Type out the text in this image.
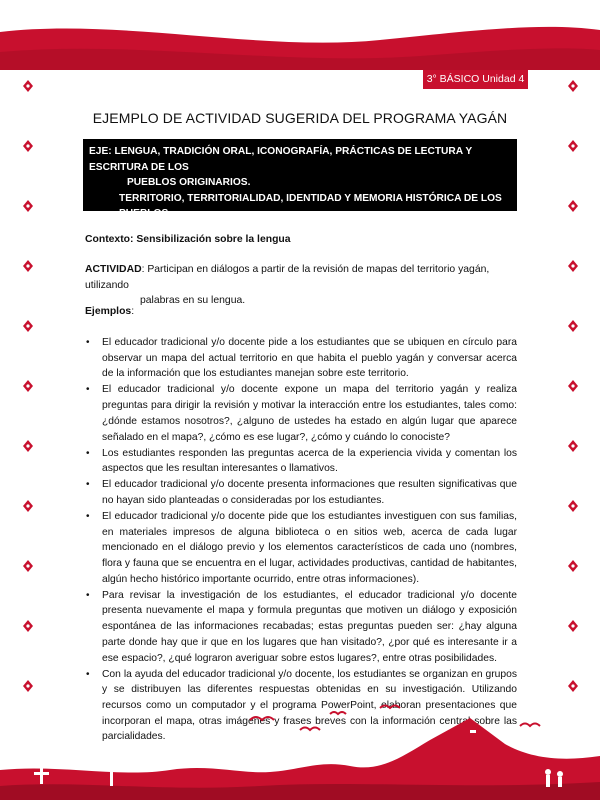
3° BÁSICO Unidad 4
EJEMPLO DE ACTIVIDAD SUGERIDA DEL PROGRAMA YAGÁN
EJE: LENGUA, TRADICIÓN ORAL, ICONOGRAFÍA, PRÁCTICAS DE LECTURA Y ESCRITURA DE LOS
PUEBLOS ORIGINARIOS.
TERRITORIO, TERRITORIALIDAD, IDENTIDAD Y MEMORIA HISTÓRICA DE LOS PUEBLOS
ORIGINARIOS.
Contexto: Sensibilización sobre la lengua
ACTIVIDAD: Participan en diálogos a partir de la revisión de mapas del territorio yagán, utilizando
palabras en su lengua.
Ejemplos:
• El educador tradicional y/o docente pide a los estudiantes que se ubiquen en círculo para observar un mapa del actual territorio en que habita el pueblo yagán y conversar acerca de la información que los estudiantes manejan sobre este territorio.
• El educador tradicional y/o docente expone un mapa del territorio yagán y realiza preguntas para dirigir la revisión y motivar la interacción entre los estudiantes, tales como: ¿dónde estamos nosotros?, ¿alguno de ustedes ha estado en algún lugar que aparece señalado en el mapa?, ¿cómo es ese lugar?, ¿cómo y cuándo lo conociste?
• Los estudiantes responden las preguntas acerca de la experiencia vivida y comentan los aspectos que les resultan interesantes o llamativos.
• El educador tradicional y/o docente presenta informaciones que resulten significativas que no hayan sido planteadas o consideradas por los estudiantes.
• El educador tradicional y/o docente pide que los estudiantes investiguen con sus familias, en materiales impresos de alguna biblioteca o en sitios web, acerca de cada lugar mencionado en el diálogo previo y los elementos característicos de cada uno (nombres, flora y fauna que se encuentra en el lugar, actividades productivas, cantidad de habitantes, algún hecho histórico importante ocurrido, entre otras informaciones).
• Para revisar la investigación de los estudiantes, el educador tradicional y/o docente presenta nuevamente el mapa y formula preguntas que motiven un diálogo y exposición espontánea de las informaciones recabadas; estas preguntas pueden ser: ¿hay alguna parte donde hay que ir que en los lugares que han visitado?, ¿por qué es interesante ir a ese espacio?, ¿qué lograron averiguar sobre estos lugares?, entre otras posibilidades.
• Con la ayuda del educador tradicional y/o docente, los estudiantes se organizan en grupos y se distribuyen las diferentes respuestas obtenidas en su investigación. Utilizando recursos como un computador y el programa PowerPoint, elaboran presentaciones que incorporan el mapa, otras imágenes y frases breves con la información central sobre las parcialidades.
